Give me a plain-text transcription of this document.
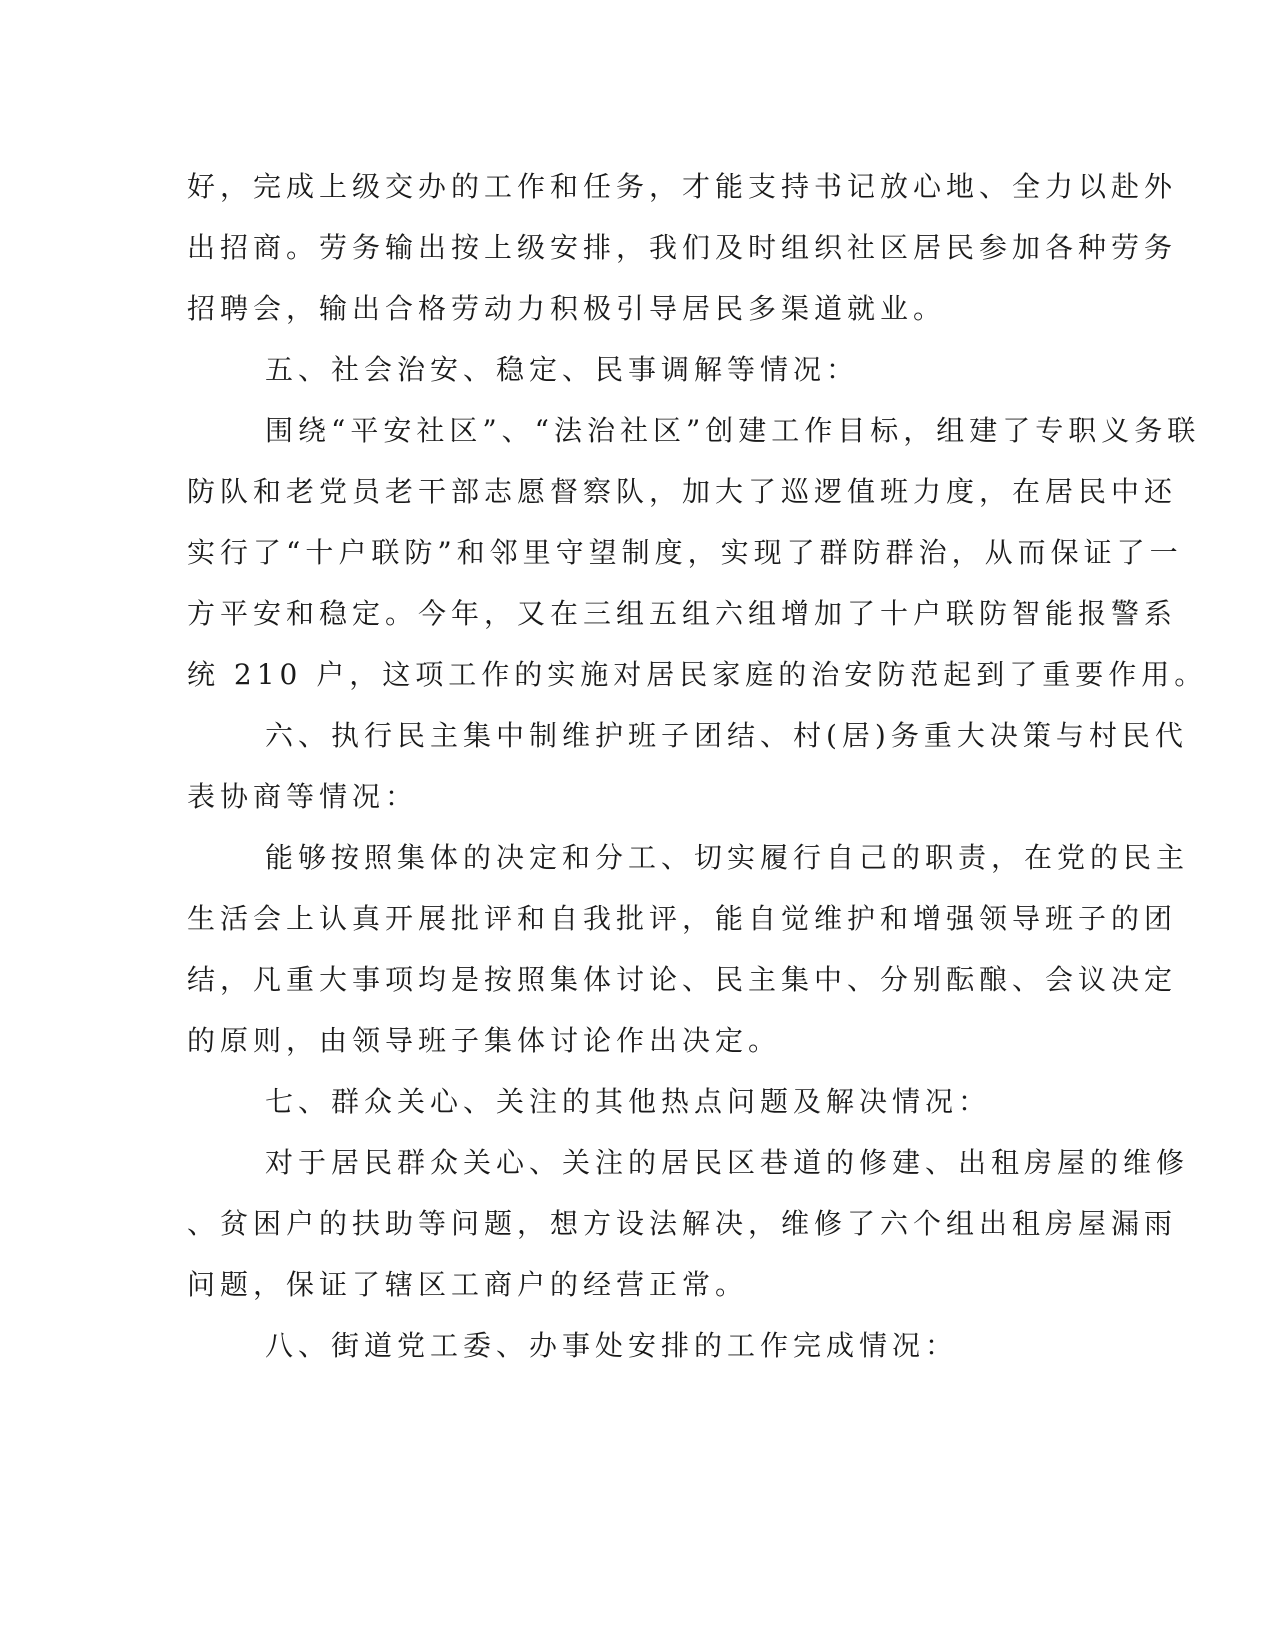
好，完成上级交办的工作和任务，才能支持书记放心地、全力以赴外
出招商。劳务输出按上级安排，我们及时组织社区居民参加各种劳务
招聘会，输出合格劳动力积极引导居民多渠道就业。
五、社会治安、稳定、民事调解等情况：
围绕“平安社区”、“法治社区”创建工作目标，组建了专职义务联
防队和老党员老干部志愿督察队，加大了巡逻值班力度，在居民中还
实行了“十户联防”和邻里守望制度，实现了群防群治，从而保证了一
方平安和稳定。今年，又在三组五组六组增加了十户联防智能报警系
统 210 户，这项工作的实施对居民家庭的治安防范起到了重要作用。
六、执行民主集中制维护班子团结、村(居)务重大决策与村民代
表协商等情况：
能够按照集体的决定和分工、切实履行自己的职责，在党的民主
生活会上认真开展批评和自我批评，能自觉维护和增强领导班子的团
结，凡重大事项均是按照集体讨论、民主集中、分别酝酿、会议决定
的原则，由领导班子集体讨论作出决定。
七、群众关心、关注的其他热点问题及解决情况：
对于居民群众关心、关注的居民区巷道的修建、出租房屋的维修
、贫困户的扶助等问题，想方设法解决，维修了六个组出租房屋漏雨
问题，保证了辖区工商户的经营正常。
八、街道党工委、办事处安排的工作完成情况：
